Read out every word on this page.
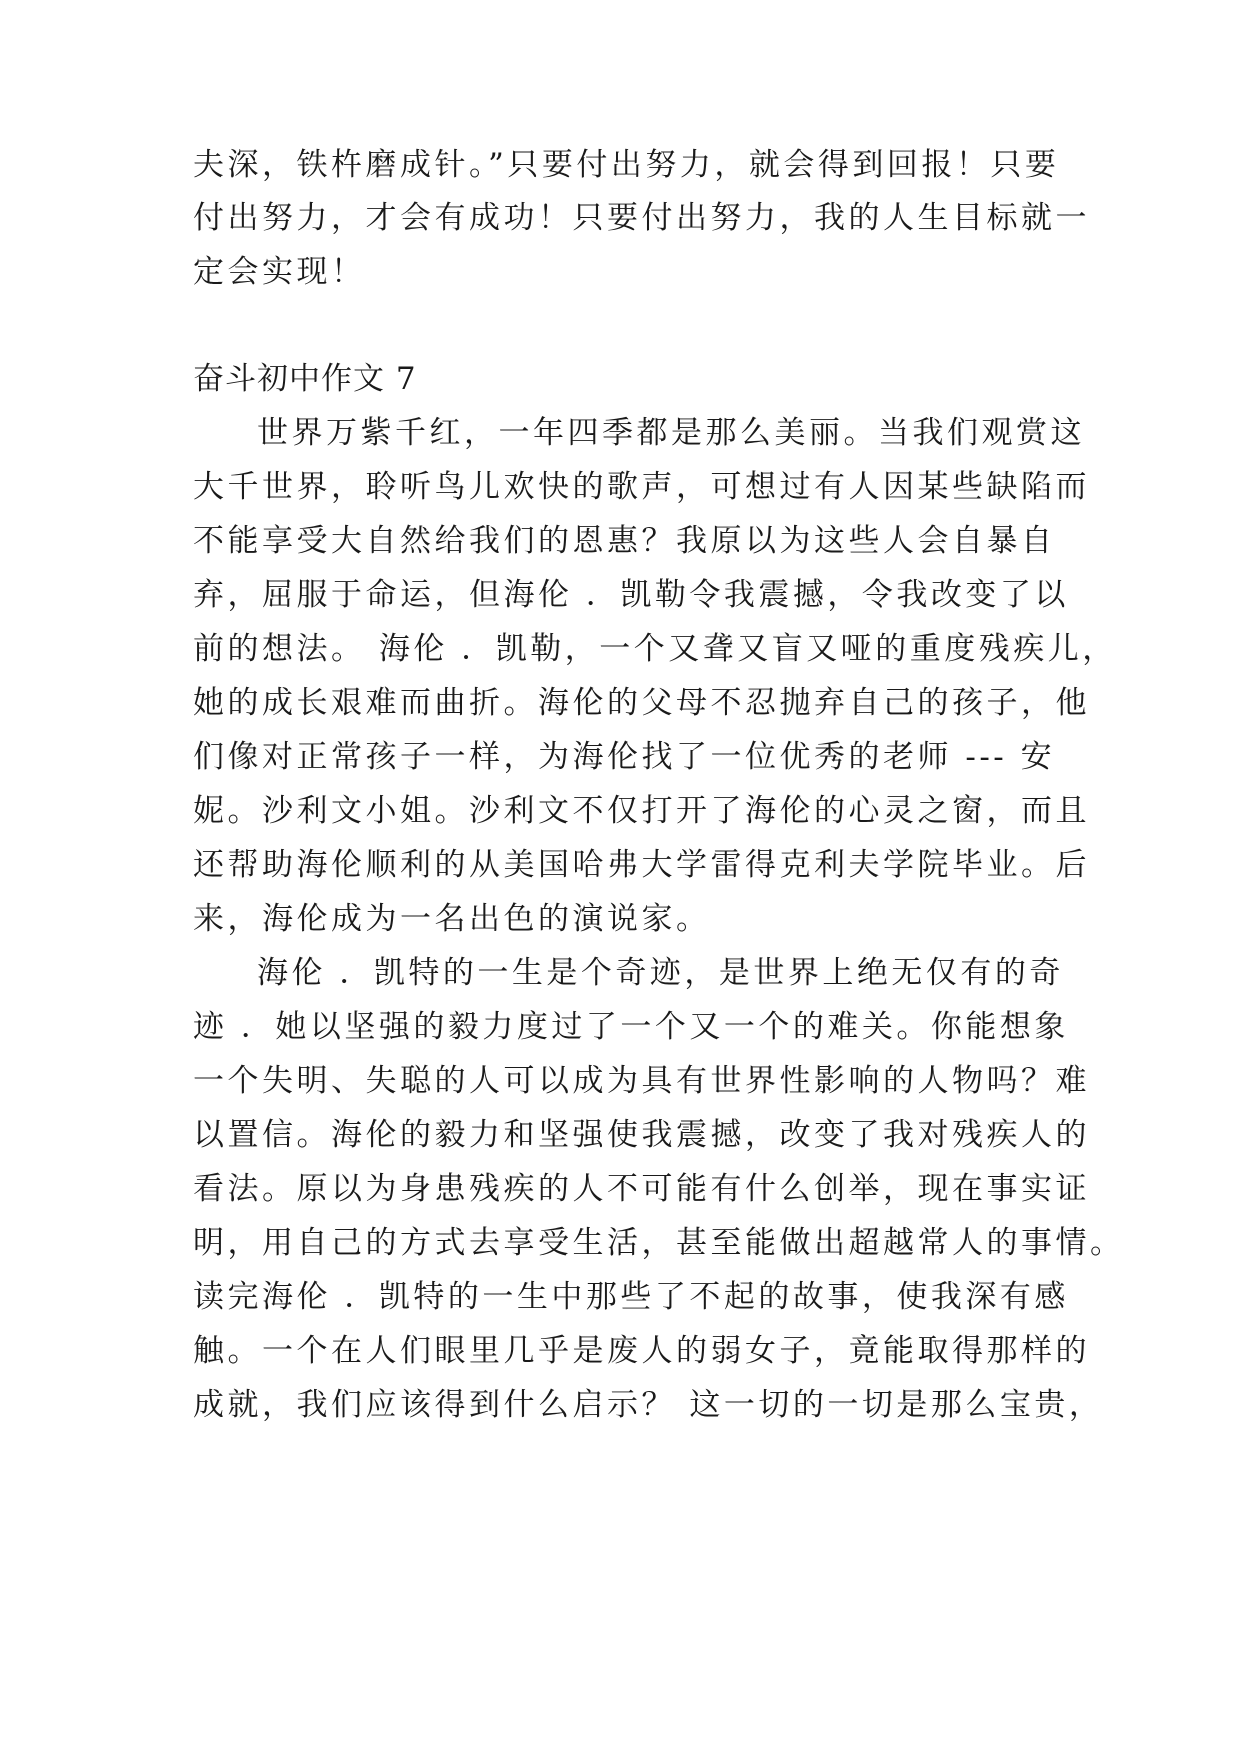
夫深，铁杵磨成针。”只要付出努力，就会得到回报！只要
付出努力，才会有成功！只要付出努力，我的人生目标就一
定会实现！
奋斗初中作文 7
世界万紫千红，一年四季都是那么美丽。当我们观赏这
大千世界，聆听鸟儿欢快的歌声，可想过有人因某些缺陷而
不能享受大自然给我们的恩惠？我原以为这些人会自暴自
弃，屈服于命运，但海伦 ．凯勒令我震撼，令我改变了以
前的想法。 海伦 ．凯勒，一个又聋又盲又哑的重度残疾儿，
她的成长艰难而曲折。海伦的父母不忍抛弃自己的孩子，他
们像对正常孩子一样，为海伦找了一位优秀的老师 --- 安
妮。沙利文小姐。沙利文不仅打开了海伦的心灵之窗，而且
还帮助海伦顺利的从美国哈弗大学雷得克利夫学院毕业。后
来，海伦成为一名出色的演说家。
海伦 ．凯特的一生是个奇迹，是世界上绝无仅有的奇
迹 ．她以坚强的毅力度过了一个又一个的难关。你能想象
一个失明、失聪的人可以成为具有世界性影响的人物吗？难
以置信。海伦的毅力和坚强使我震撼，改变了我对残疾人的
看法。原以为身患残疾的人不可能有什么创举，现在事实证
明，用自己的方式去享受生活，甚至能做出超越常人的事情。
读完海伦 ．凯特的一生中那些了不起的故事，使我深有感
触。一个在人们眼里几乎是废人的弱女子，竟能取得那样的
成就，我们应该得到什么启示？ 这一切的一切是那么宝贵，
